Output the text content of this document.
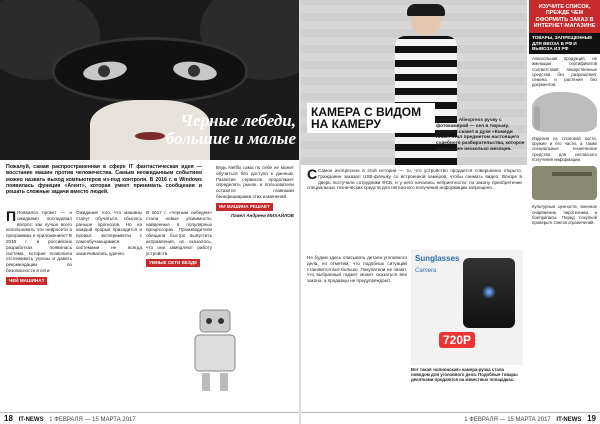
Черные лебеди, большие и малые
Пожалуй, самая распространенная в сфере IT фантастическая идея — восстание машин против человечества. Самым неожиданным событием можно назвать выход компьютеров из-под контроля. В 2016 г. в Windows появилась функция «Агент», которая умеет принимать сообщения и решать сложные задачи вместо людей.
П Появился проект — и ожидаемо последовал вопрос: как лучше всего использовать эти нейросети в программах и приложениях? В 2016 г. в российских разработках появилась система, которая позволила отслеживать угрозы и давать рекомендации по безопасности в сети.
ЧЕЙ МАШИНА?
Ожидание того, что машины станут обучаться, сбылось раньше прогнозов. Но на каждый прорыв приходится и провал: эксперименты с самообучающимися системами не всегда заканчивались удачно.
В 2017 г. «черным лебедем» стали новые уязвимости, найденные в популярных процессорах. Производители обещали быстро выпустить исправления, но оказалось, что они замедляют работу устройств.
УМНЫЕ СЕТИ ВЕЗДЕ
Ведь Netflix сама по себе не может обучиться без доступа к данным. Развитие сервисов продолжает определять рынок, и пользователи остаются главными бенефициарами этих изменений.
ИИ МАШИНА РЕШАЕТ
Павел Андреев МИХАЙЛОВ
18 IT-NEWS 1 ФЕВРАЛЯ — 15 МАРТА 2017
КАМЕРА С ВИДОМ НА КАМЕРУ	Купил на Aliexpress ручку с фотокамерой — сел в тюрьму. Нелепый сюжет в духе «Комеди Клаб» стал предметом настоящего судебного разбирательства, которое длится уже несколько месяцев.
С Самое интересное в этой истории — то, что устройство продается совершенно открыто. Гражданин заказал USB-флешку со встроенной камерой, чтобы снимать видео. Вскоре в дверь постучали сотрудники ФСБ, и у него начались неприятности: по закону приобретение специальных технических средств для негласного получения информации запрещено.
Не будем здесь описывать детали уголовного дела, но отметим, что подобных ситуаций становится все больше. Покупатели не знают, что выбранный гаджет может оказаться вне закона, а продавцы не предупреждают.
Sunglasses
Camera
720P
Вот такая «шпионская» камера-ручка стала поводом для уголовного дела. Подобные товары десятками продаются на известных площадках.
ИЗУЧИТЕ СПИСОК, ПРЕЖДЕ ЧЕМ ОФОРМИТЬ ЗАКАЗ В ИНТЕРНЕТ-МАГАЗИНЕ
ТОВАРЫ, ЗАПРЕЩЕННЫЕ ДЛЯ ВВОЗА В РФ И ВЫВОЗА ИЗ РФ
Алкогольная продукция, не имеющая сертификатов соответствия; лекарственные средства без разрешения; семена и растения без документов.
Изделия из слоновой кости, оружие и его части, а также специальные технические средства для негласного получения информации.
Культурные ценности, военное снаряжение, пиротехника и боеприпасы. Перед покупкой проверьте список ограничений.
1 ФЕВРАЛЯ — 15 МАРТА 2017 IT-NEWS 19
